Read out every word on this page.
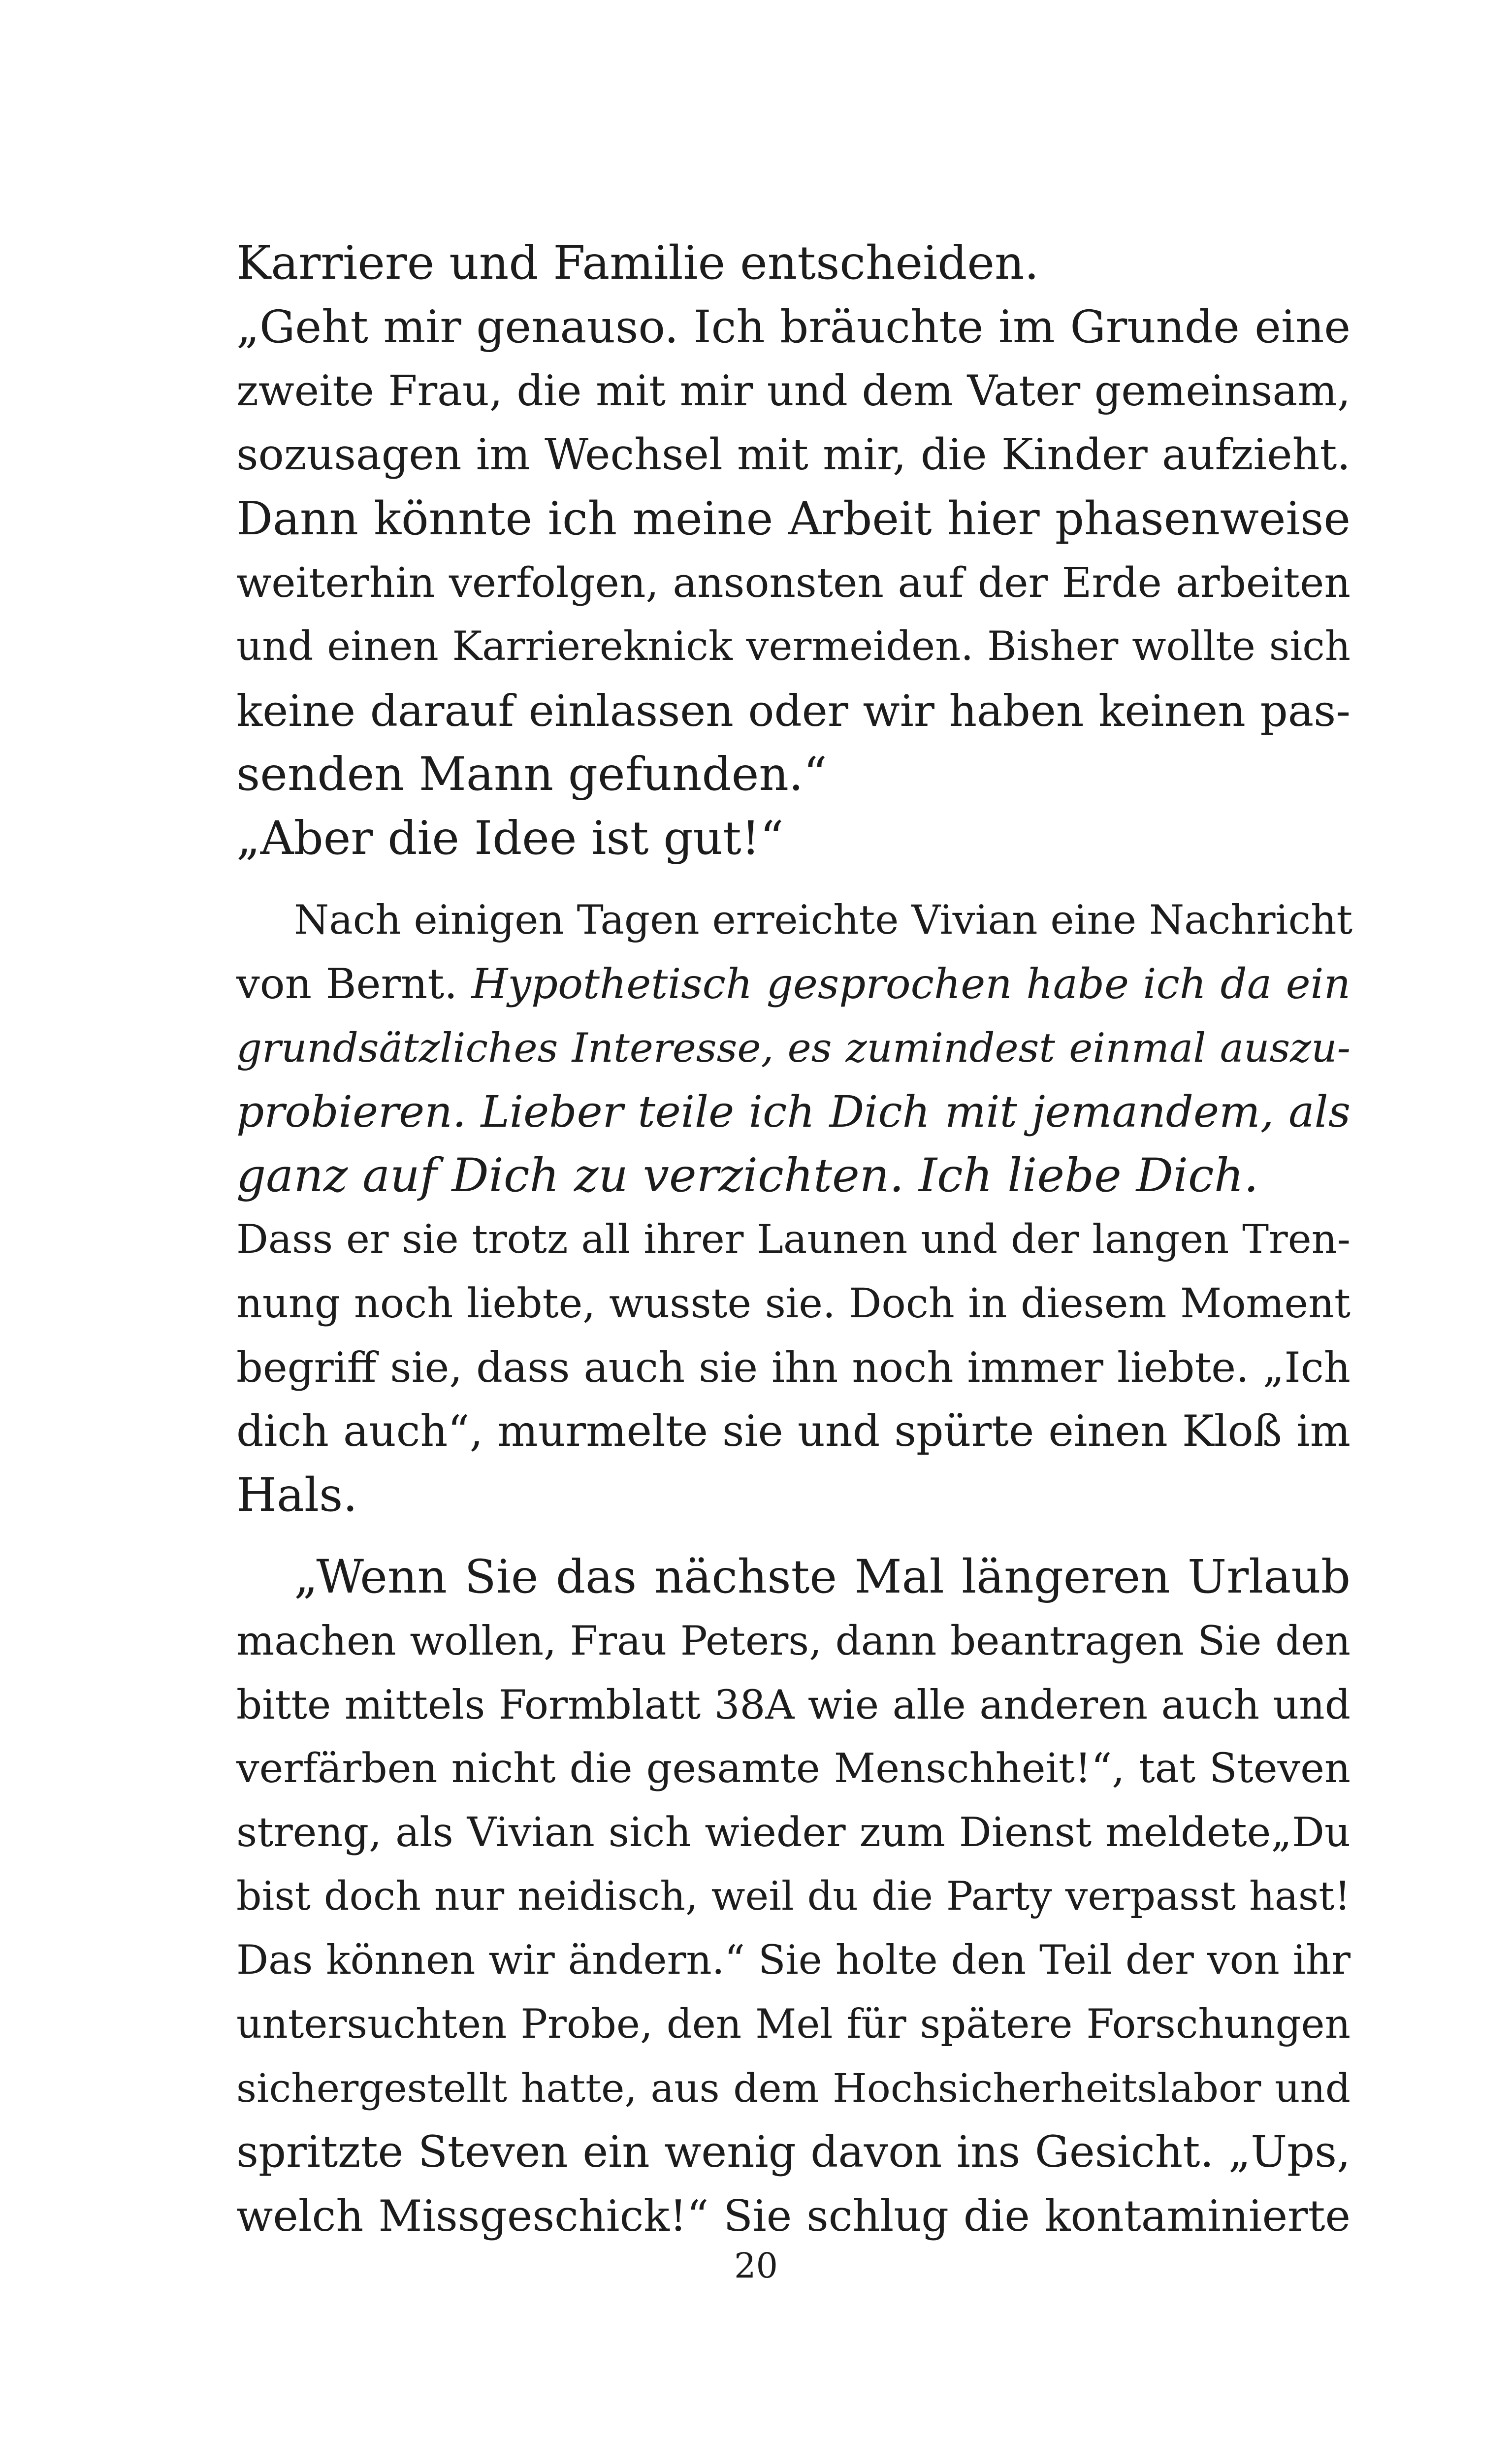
Karriere und Familie entscheiden.
„Geht mir genauso. Ich bräuchte im Grunde eine
zweite Frau, die mit mir und dem Vater gemeinsam,
sozusagen im Wechsel mit mir, die Kinder aufzieht.
Dann könnte ich meine Arbeit hier phasenweise
weiterhin verfolgen, ansonsten auf der Erde arbeiten
und einen Karriereknick vermeiden. Bisher wollte sich
keine darauf einlassen oder wir haben keinen pas-
senden Mann gefunden.“
„Aber die Idee ist gut!“

Nach einigen Tagen erreichte Vivian eine Nachricht
von Bernt. Hypothetisch gesprochen habe ich da ein
grundsätzliches Interesse, es zumindest einmal auszu-
probieren. Lieber teile ich Dich mit jemandem, als
ganz auf Dich zu verzichten. Ich liebe Dich.
Dass er sie trotz all ihrer Launen und der langen Tren-
nung noch liebte, wusste sie. Doch in diesem Moment
begriff sie, dass auch sie ihn noch immer liebte. „Ich
dich auch“, murmelte sie und spürte einen Kloß im
Hals.

„Wenn Sie das nächste Mal längeren Urlaub
machen wollen, Frau Peters, dann beantragen Sie den
bitte mittels Formblatt 38A wie alle anderen auch und
verfärben nicht die gesamte Menschheit!“, tat Steven
streng, als Vivian sich wieder zum Dienst meldete„Du
bist doch nur neidisch, weil du die Party verpasst hast!
Das können wir ändern.“ Sie holte den Teil der von ihr
untersuchten Probe, den Mel für spätere Forschungen
sichergestellt hatte, aus dem Hochsicherheitslabor und
spritzte Steven ein wenig davon ins Gesicht. „Ups,
welch Missgeschick!“ Sie schlug die kontaminierte

20
